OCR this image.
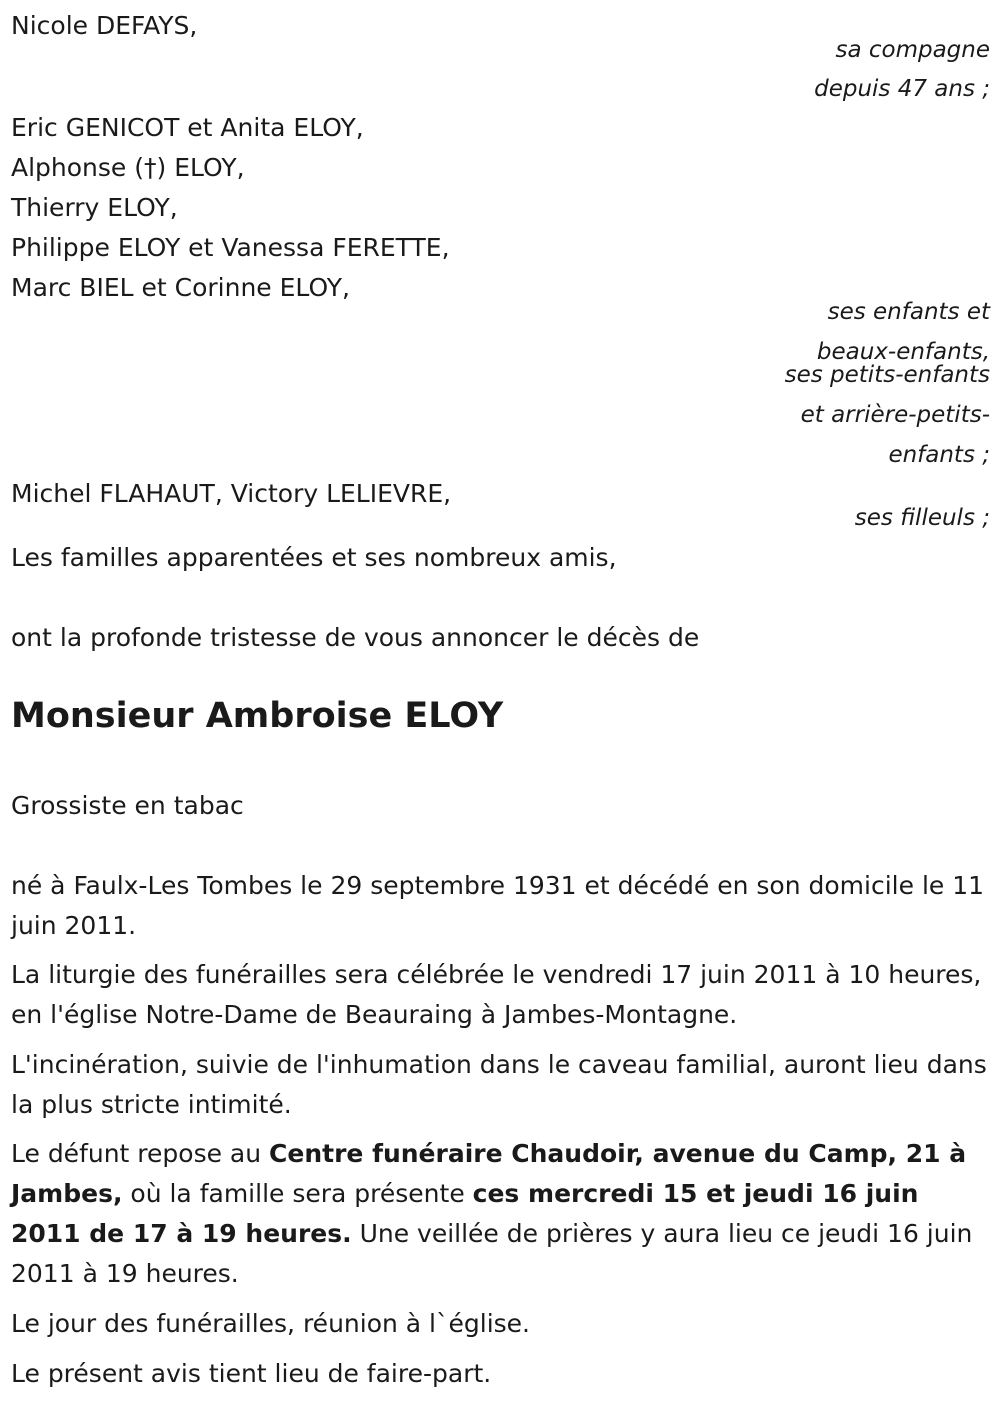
Nicole DEFAYS,
sa compagne
depuis 47 ans ;
Eric GENICOT et Anita ELOY,
Alphonse (†) ELOY,
Thierry ELOY,
Philippe ELOY et Vanessa FERETTE,
Marc BIEL et Corinne ELOY,
ses enfants et
beaux-enfants,
ses petits-enfants
et arrière-petits-
enfants ;
Michel FLAHAUT, Victory LELIEVRE,
ses filleuls ;
Les familles apparentées et ses nombreux amis,
ont la profonde tristesse de vous annoncer le décès de
Monsieur Ambroise ELOY
Grossiste en tabac
né à Faulx-Les Tombes le 29 septembre 1931 et décédé en son domicile le 11 juin 2011.
La liturgie des funérailles sera célébrée le vendredi 17 juin 2011 à 10 heures, en l'église Notre-Dame de Beauraing à Jambes-Montagne.
L'incinération, suivie de l'inhumation dans le caveau familial, auront lieu dans la plus stricte intimité.
Le défunt repose au Centre funéraire Chaudoir, avenue du Camp, 21 à Jambes, où la famille sera présente ces mercredi 15 et jeudi 16 juin 2011 de 17 à 19 heures. Une veillée de prières y aura lieu ce jeudi 16 juin 2011 à 19 heures.
Le jour des funérailles, réunion à l`église.
Le présent avis tient lieu de faire-part.
